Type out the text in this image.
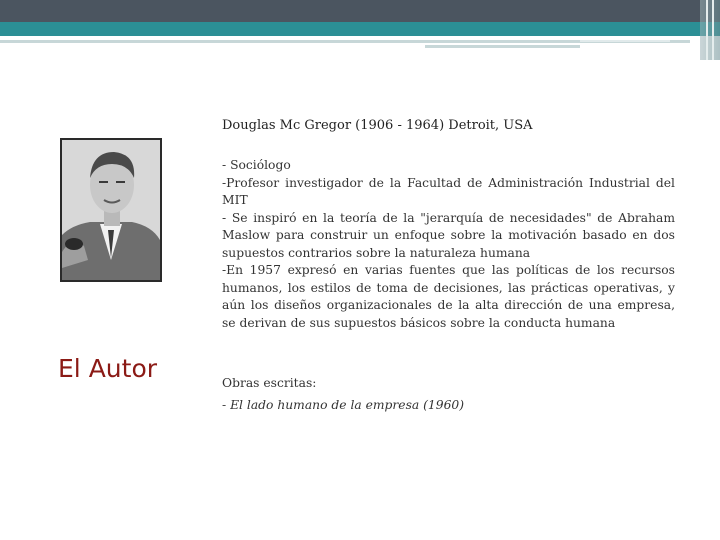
El Autor
Douglas Mc Gregor (1906 - 1964) Detroit, USA

- Sociólogo

-Profesor investigador de la Facultad de Administración Industrial del MIT

- Se inspiró en la teoría de la "jerarquía de necesidades" de Abraham Maslow para construir un enfoque sobre la motivación basado en dos supuestos contrarios sobre la naturaleza humana

-En 1957 expresó en varias fuentes que las políticas de los recursos humanos, los estilos de toma de decisiones, las prácticas operativas, y aún los diseños organizacionales de la alta dirección de una empresa, se derivan de sus supuestos básicos sobre la conducta humana

Obras escritas:
- El lado humano de la empresa (1960)
